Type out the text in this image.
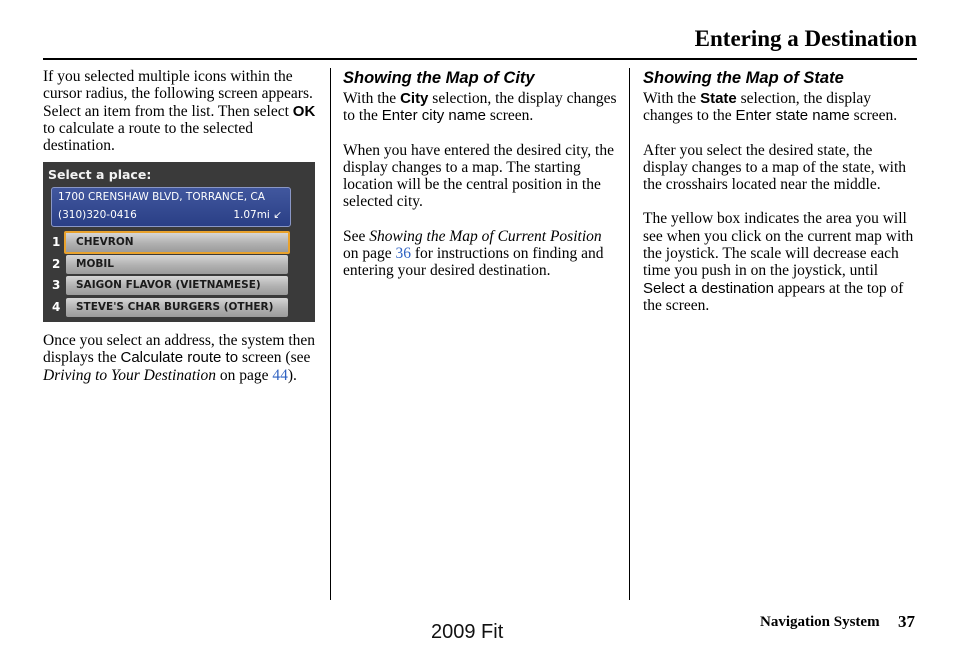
Entering a Destination

If you selected multiple icons within the cursor radius, the following screen appears. Select an item from the list. Then select OK to calculate a route to the selected destination.

Select a place:
1700 CRENSHAW BLVD, TORRANCE, CA
(310)320-0416	1.07mi ↙
1 CHEVRON
2 MOBIL
3 SAIGON FLAVOR (VIETNAMESE)
4 STEVE'S CHAR BURGERS (OTHER)

Once you select an address, the system then displays the Calculate route to screen (see Driving to Your Destination on page 44).

Showing the Map of City

With the City selection, the display changes to the Enter city name screen.

When you have entered the desired city, the display changes to a map. The starting location will be the central position in the selected city.

See Showing the Map of Current Position on page 36 for instructions on finding and entering your desired destination.

Showing the Map of State

With the State selection, the display changes to the Enter state name screen.

After you select the desired state, the display changes to a map of the state, with the crosshairs located near the middle.

The yellow box indicates the area you will see when you click on the current map with the joystick. The scale will decrease each time you push in on the joystick, until Select a destination appears at the top of the screen.

Navigation System 37
2009 Fit
